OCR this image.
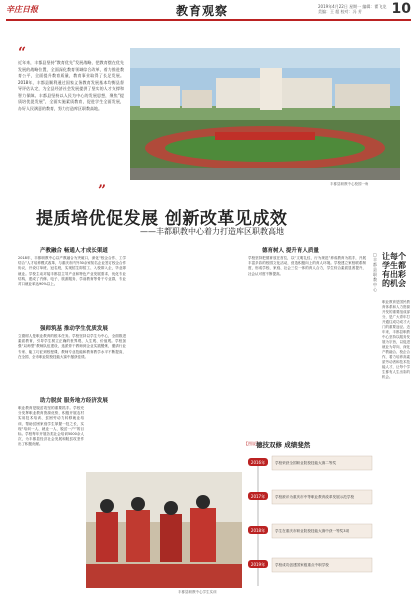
辛庄日报	教育观察	2019年4月22日 星期一 编辑：翟飞龙 美编：王 超 校对：冯 芳	10
“
近年来，丰都县坚持“教育优先”发展战略，把教育摆在优先发展的战略位置，全面深化教育领域综合改革，着力推进教育公平，全面提升教育质量，教育事业取得了长足发展。2018年，丰都县顺利通过国家义务教育发展基本均衡县督导评估认定，为全县经济社会发展提供了坚实的人才支撑和智力保障。丰都县坚持以人民为中心的发展思想，聚焦“提质培优促发展”，全面实施素质教育，促进学生全面发展，办好人民满意的教育，努力打造库区职教高地。
”	丰都县职教中心校园一角
提质培优促发展 创新改革见成效
——丰都职教中心着力打造库区职教高地
□ 丰都县职教中心
让每个学生都有出彩的机会
职业教育是国民教育体系和人力资源开发的重要组成部分，是广大青年打开通往成功成才大门的重要途径。近年来，丰都县职教中心坚持以服务发展为宗旨，以促进就业为导向，深化产教融合、校企合作，着力培养高素质劳动者和技术技能人才，让每个学生都有人生出彩的机会。
产教融合 畅通人才成长渠道
2018年，丰都职教中心以产教融合为突破口，深化“校企合作、工学结合”人才培养模式改革，与重庆市内外30余家知名企业签订校企合作协议，开设订单班、冠名班，实现招生即招工、入校即入企，毕业即就业。学校主动对接丰都县主导产业和特色产业发展需求，优化专业结构，建成了汽修、电子、旅游服务、学前教育等骨干专业群，专业对口就业率达90%以上。
强师筑基 推动学生优质发展
立德树人是职业教育的根本任务。学校坚持以学生为中心，全面推进素质教育，引导学生树立正确的世界观、人生观、价值观。学校加强“双师型”教师队伍建设，选派骨干教师到企业实践锻炼，邀请行业专家、能工巧匠到校授课，教师专业技能和教育教学水平不断提高，在全国、全市职业院校技能大赛中屡获佳绩。
助力脱贫 服务地方经济发展
职业教育是脱贫攻坚的重要抓手。学校充分发挥职业教育资源优势，积极开展农村实用技术培训、贫困劳动力转移就业培训，帮助贫困家庭学生掌握一技之长，实现“培训一人、就业一人、脱贫一户”的目标。学校每年开展各类社会培训5000余人次，为丰都县经济社会发展和脱贫攻坚作出了积极贡献。
德育树人 提升育人质量
学校坚持把德育放在首位，以“文明礼仪、行为规范”养成教育为抓手，开展丰富多彩的校园文化活动，营造积极向上的育人环境。学校建立家校联系制度，形成学校、家庭、社会三位一体的育人合力，学生综合素质显著提升，社会认可度不断提高。
丰都县职教中心学生实训
【图说】
德技双修 成绩斐然
2016年	学校荣获全国职业院校技能大赛二等奖
2017年	学校被评为重庆市中等职业教育改革发展示范学校
2018年	学生在重庆市职业院校技能大赛中获一等奖3项
2019年	学校成功创建国家级重点中职学校
